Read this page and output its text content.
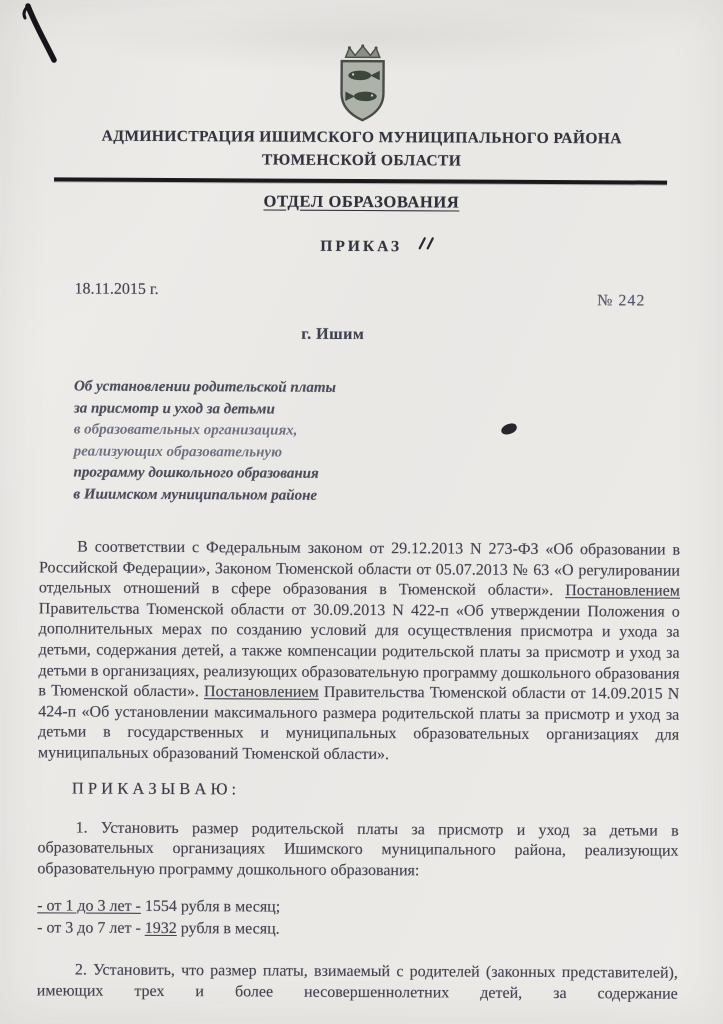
АДМИНИСТРАЦИЯ ИШИМСКОГО МУНИЦИПАЛЬНОГО РАЙОНА
ТЮМЕНСКОЙ ОБЛАСТИ
ОТДЕЛ ОБРАЗОВАНИЯ
ПРИКАЗ
18.11.2015 г.
№ 242
г. Ишим
Об установлении родительской платы
за присмотр и уход за детьми
в образовательных организациях,
реализующих образовательную
программу дошкольного образования
в Ишимском муниципальном районе

В соответствии с Федеральным законом от 29.12.2013 N 273-ФЗ «Об образовании в Российской Федерации», Законом Тюменской области от 05.07.2013 № 63 «О регулировании отдельных отношений в сфере образования в Тюменской области». Постановлением Правительства Тюменской области от 30.09.2013 N 422-п «Об утверждении Положения о дополнительных мерах по созданию условий для осуществления присмотра и ухода за детьми, содержания детей, а также компенсации родительской платы за присмотр и уход за детьми в организациях, реализующих образовательную программу дошкольного образования в Тюменской области». Постановлением Правительства Тюменской области от 14.09.2015 N 424-п «Об установлении максимального размера родительской платы за присмотр и уход за детьми в государственных и муниципальных образовательных организациях для муниципальных образований Тюменской области».

П Р И К А З Ы В А Ю :

1. Установить размер родительской платы за присмотр и уход за детьми в образовательных организациях Ишимского муниципального района, реализующих образовательную программу дошкольного образования:

- от 1 до 3 лет - 1554 рубля в месяц;

- от 3 до 7 лет - 1932 рубля в месяц.

2. Установить, что размер платы, взимаемый с родителей (законных представителей), имеющих трех и более несовершеннолетних детей, за содержание
